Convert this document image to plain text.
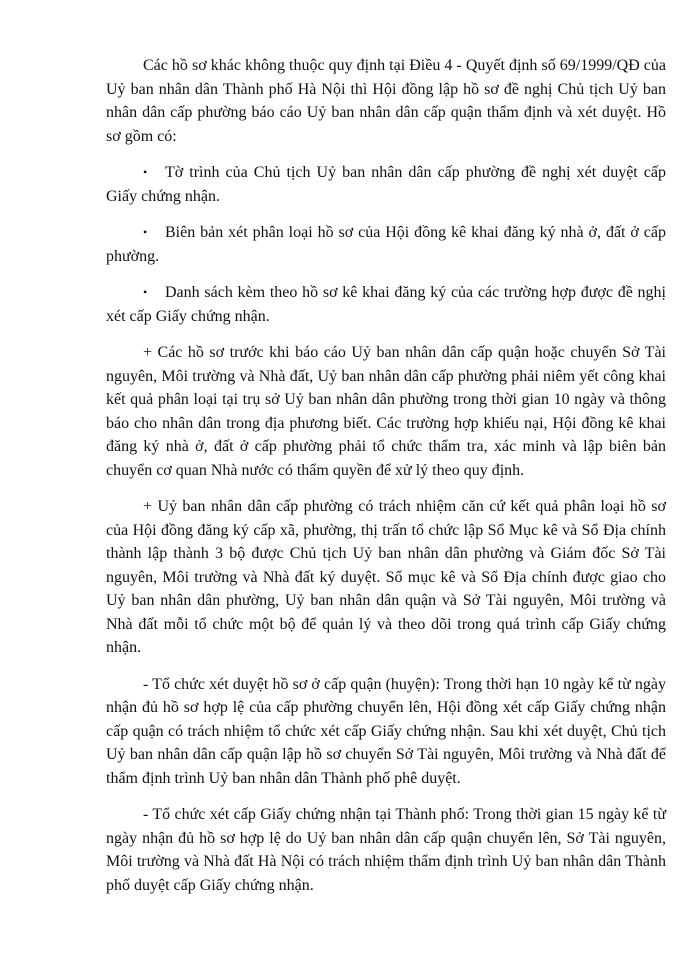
Các hồ sơ khác không thuộc quy định tại Điều 4 - Quyết định số 69/1999/QĐ của Uỷ ban nhân dân Thành phố Hà Nội thì Hội đồng lập hồ sơ đề nghị Chủ tịch Uỷ ban nhân dân cấp phường báo cáo Uỷ ban nhân dân cấp quận thẩm định và xét duyệt. Hồ sơ gồm có:

• Tờ trình của Chủ tịch Uỷ ban nhân dân cấp phường đề nghị xét duyệt cấp Giấy chứng nhận.

• Biên bản xét phân loại hồ sơ của Hội đồng kê khai đăng ký nhà ở, đất ở cấp phường.

• Danh sách kèm theo hồ sơ kê khai đăng ký của các trường hợp được đề nghị xét cấp Giấy chứng nhận.

+ Các hồ sơ trước khi báo cáo Uỷ ban nhân dân cấp quận hoặc chuyển Sở Tài nguyên, Môi trường và Nhà đất, Uỷ ban nhân dân cấp phường phải niêm yết công khai kết quả phân loại tại trụ sở Uỷ ban nhân dân phường trong thời gian 10 ngày và thông báo cho nhân dân trong địa phương biết. Các trường hợp khiếu nại, Hội đồng kê khai đăng ký nhà ở, đất ở cấp phường phải tổ chức thẩm tra, xác minh và lập biên bản chuyển cơ quan Nhà nước có thẩm quyền để xử lý theo quy định.

+ Uỷ ban nhân dân cấp phường có trách nhiệm căn cứ kết quả phân loại hồ sơ của Hội đồng đăng ký cấp xã, phường, thị trấn tổ chức lập Sổ Mục kê và Sổ Địa chính thành lập thành 3 bộ được Chủ tịch Uỷ ban nhân dân phường và Giám đốc Sở Tài nguyên, Môi trường và Nhà đất ký duyệt. Sổ mục kê và Sổ Địa chính được giao cho Uỷ ban nhân dân phường, Uỷ ban nhân dân quận và Sở Tài nguyên, Môi trường và Nhà đất mỗi tổ chức một bộ để quản lý và theo dõi trong quá trình cấp Giấy chứng nhận.

- Tổ chức xét duyệt hồ sơ ở cấp quận (huyện): Trong thời hạn 10 ngày kể từ ngày nhận đủ hồ sơ hợp lệ của cấp phường chuyển lên, Hội đồng xét cấp Giấy chứng nhận cấp quận có trách nhiệm tổ chức xét cấp Giấy chứng nhận. Sau khi xét duyệt, Chủ tịch Uỷ ban nhân dân cấp quận lập hồ sơ chuyển Sở Tài nguyên, Môi trường và Nhà đất để thẩm định trình Uỷ ban nhân dân Thành phố phê duyệt.

- Tổ chức xét cấp Giấy chứng nhận tại Thành phố: Trong thời gian 15 ngày kể từ ngày nhận đủ hồ sơ hợp lệ do Uỷ ban nhân dân cấp quận chuyển lên, Sở Tài nguyên, Môi trường và Nhà đất Hà Nội có trách nhiệm thẩm định trình Uỷ ban nhân dân Thành phố duyệt cấp Giấy chứng nhận.
